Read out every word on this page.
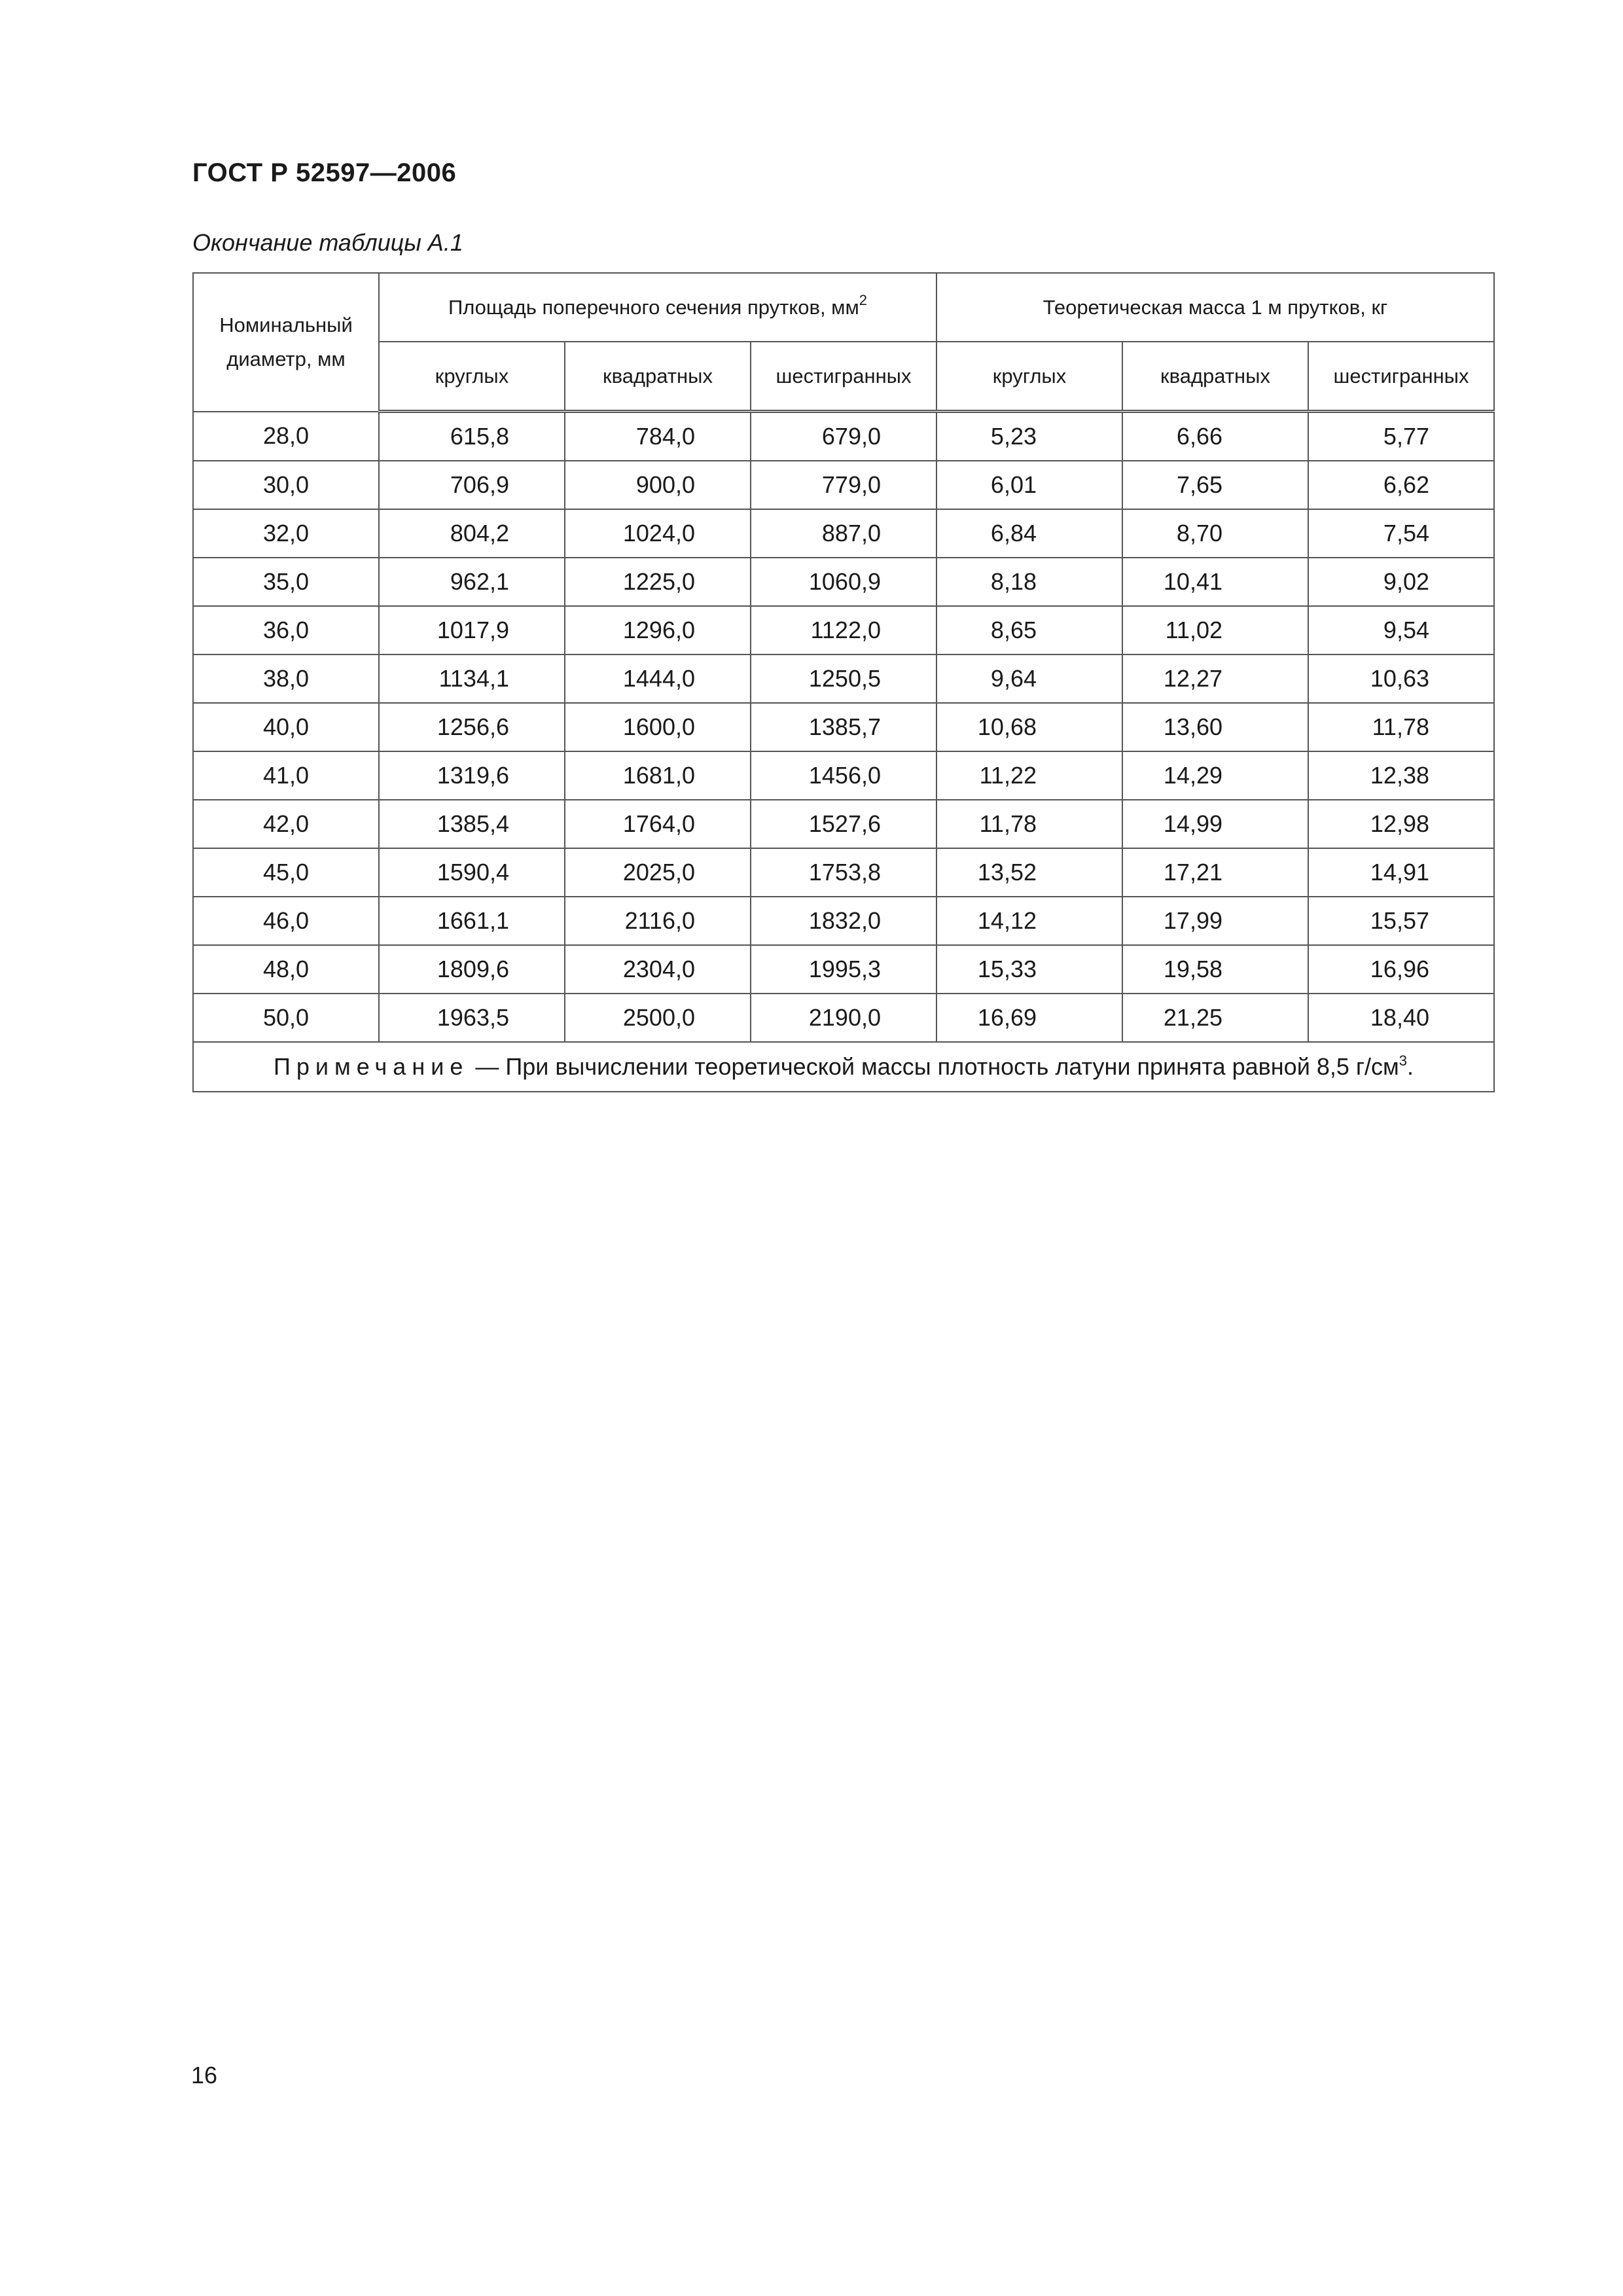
ГОСТ Р 52597—2006
Окончание таблицы А.1
Номинальный диаметр, мм	Площадь поперечного сечения прутков, $мм^2$			Теоретическая масса 1 м прутков, кг		
	круглых	квадратных	шестигранных	круглых	квадратных	шестигранных
28,0	615,8	784,0	679,0	5,23	6,66	5,77
30,0	706,9	900,0	779,0	6,01	7,65	6,62
32,0	804,2	1024,0	887,0	6,84	8,70	7,54
35,0	962,1	1225,0	1060,9	8,18	10,41	9,02
36,0	1017,9	1296,0	1122,0	8,65	11,02	9,54
38,0	1134,1	1444,0	1250,5	9,64	12,27	10,63
40,0	1256,6	1600,0	1385,7	10,68	13,60	11,78
41,0	1319,6	1681,0	1456,0	11,22	14,29	12,38
42,0	1385,4	1764,0	1527,6	11,78	14,99	12,98
45,0	1590,4	2025,0	1753,8	13,52	17,21	14,91
46,0	1661,1	2116,0	1832,0	14,12	17,99	15,57
48,0	1809,6	2304,0	1995,3	15,33	19,58	16,96
50,0	1963,5	2500,0	2190,0	16,69	21,25	18,40
Примечание — При вычислении теоретической массы плотность латуни принята равной 8,5 $г/см^3$.						
16
